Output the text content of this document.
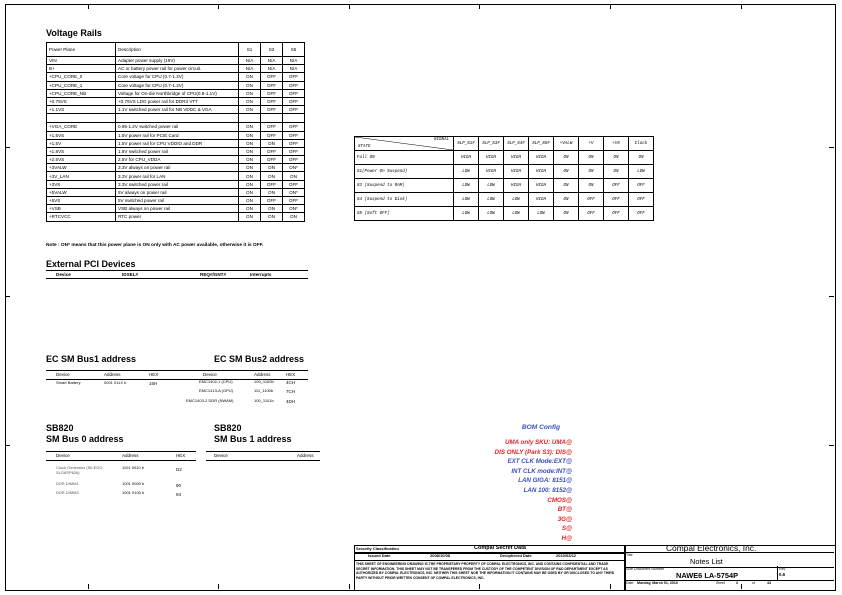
Voltage Rails
Power Plane	Description	S1	S3	S5
VIN	Adapter power supply (19V)	N/A	N/A	N/A
B+	AC or battery power rail for power circuit.	N/A	N/A	N/A
+CPU_CORE_0	Core voltage for CPU (0.7-1.2V)	ON	OFF	OFF
+CPU_CORE_1	Core voltage for CPU (0.7-1.2V)	ON	OFF	OFF
+CPU_CORE_NB	Voltage for On-die Northbridge of CPU(0.8-1.1V)	ON	OFF	OFF
+0.75VS	+0.75VS LDO power rail for DDR3 VTT	ON	OFF	OFF
+1.1VS	1.1V switched power rail for NB VDDC & VGA	ON	OFF	OFF

+VGA_CORE	0.95-1.2V switched power rail	ON	OFF	OFF
+1.5VS	1.5V power rail for PCIE Card	ON	OFF	OFF
+1.5V	1.5V power rail for CPU VDDIO and DDR	ON	ON	OFF
+1.8VS	1.8V switched power rail	ON	OFF	OFF
+2.5VS	2.5V for CPU_VDDA	ON	OFF	OFF
+3VALW	3.3V always on power rail	ON	ON	ON*
+3V_LAN	3.3V power rail for LAN	ON	ON	ON
+3VS	3.3V switched power rail	ON	OFF	OFF
+5VALW	5V always on power rail	ON	ON	ON*
+5VS	5V switched power rail	ON	OFF	OFF
+VSB	VSB always on power rail	ON	ON	ON*
+RTCVCC	RTC power	ON	ON	ON
Note : ON* means that this power plane is ON only with AC power available, otherwise it is OFF.
External PCI Devices
Device	IDSEL#	REQ#/GNT#	Interrupts
EC SM Bus1 address
Device	Address	HEX
Smart Battery	0001 011X b	16H
EC SM Bus2 address
Device	Address	HEX
EMC1402-1 (CPU)	100_1100b	4CH
EMC1413-A (GPU)	111_1100b	7CH
EMC1403-2 DDR (NWAM)	100_1101b	4DH
SB820
SM Bus 0 address
Device	Address	HEX
Clock Generator (SILEGO SLG8SP626)
1101 0010 b	D2
DDR DIMM1	1001 0000 b	90
DDR DIMM3	1001 0100 b	94
SB820
SM Bus 1 address
Device	Address
SIGNAL
STATE	SLP_S1#	SLP_S3#	SLP_S4#	SLP_S5#	+VALW	+V	+VS	Clock
Full ON	HIGH	HIGH	HIGH	HIGH	ON	ON	ON	ON
S1(Power On Suspend)	LOW	HIGH	HIGH	HIGH	ON	ON	ON	LOW
S3 (Suspend to RAM)	LOW	LOW	HIGH	HIGH	ON	ON	OFF	OFF
S4 (Suspend to Disk)	LOW	LOW	LOW	HIGH	ON	OFF	OFF	OFF
S5 (Soft OFF)	LOW	LOW	LOW	LOW	ON	OFF	OFF	OFF
BOM Config
UMA only SKU: UMA@
DIS ONLY (Park S3): DIS@
EXT CLK Mode:EXT@
INT CLK mode:INT@
LAN GIGA: 8151@
LAN 100: 8152@
CMOS@
BT@
3G@
S@
H@
Security Classification	Compal Secret Data
Issued Date	2008/10/08	Deciphered Date	2010/03/12
THIS SHEET OF ENGINEERING DRAWING IS THE PROPRIETARY PROPERTY OF COMPAL ELECTRONICS, INC. AND CONTAINS CONFIDENTIAL AND TRADE SECRET INFORMATION. THIS SHEET MAY NOT BE TRANSFERED FROM THE CUSTODY OF THE COMPETENT DIVISION OF R&D DEPARTMENT EXCEPT AS AUTHORIZED BY COMPAL ELECTRONICS, INC. NEITHER THIS SHEET NOR THE INFORMATION IT CONTAINS MAY BE USED BY OR DISCLOSED TO ANY THIRD PARTY WITHOUT PRIOR WRITTEN CONSENT OF COMPAL ELECTRONICS, INC.
Compal Electronics, Inc.
Title
Notes List
Size Document Number
NAWE6 LA-5754P
Rev
0.6
Date: Monday, March 01, 2010	Sheet	3	of	44
